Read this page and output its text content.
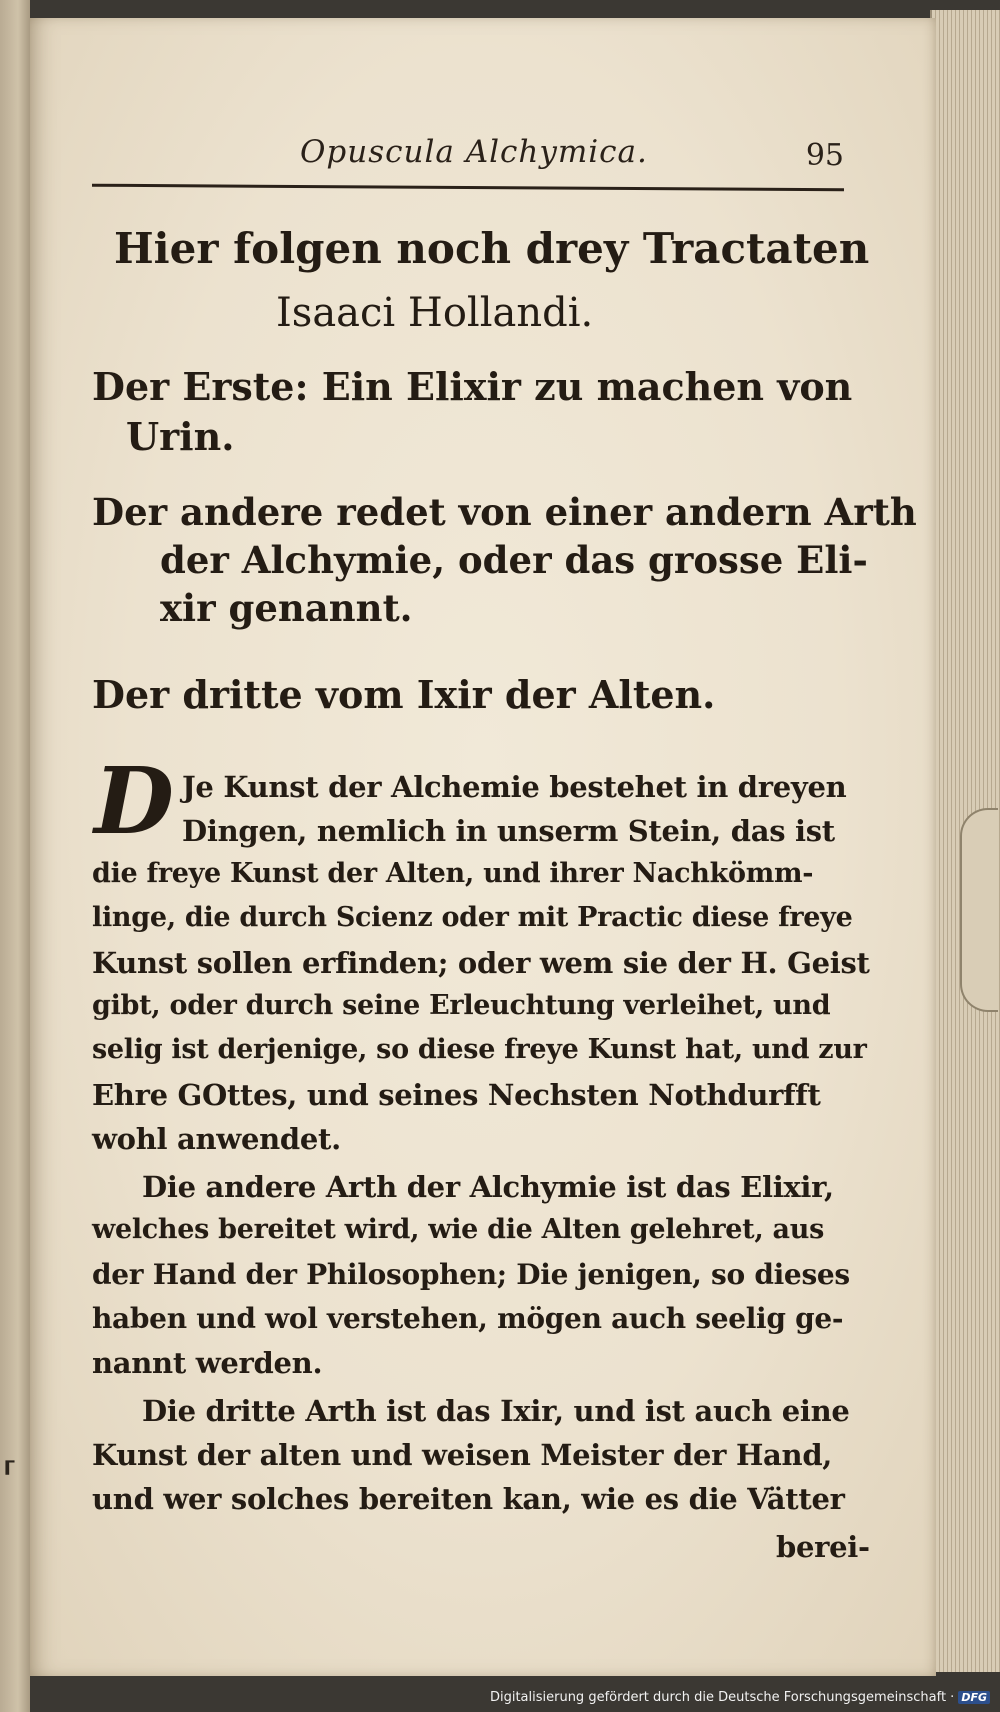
⸢
Opuscula Alchymica.	95
Hier folgen noch drey Tractaten
Isaaci Hollandi.
Der Erste: Ein Elixir zu machen von
Urin.
Der andere redet von einer andern Arth
der Alchymie, oder das grosse Eli-
xir genannt.
Der dritte vom Ixir der Alten.
D Je Kunst der Alchemie bestehet in dreyen
Dingen, nemlich in unserm Stein, das ist
die freye Kunst der Alten, und ihrer Nachkömm-
linge, die durch Scienz oder mit Practic diese freye
Kunst sollen erfinden; oder wem sie der H. Geist
gibt, oder durch seine Erleuchtung verleihet, und
selig ist derjenige, so diese freye Kunst hat, und zur
Ehre GOttes, und seines Nechsten Nothdurfft
wohl anwendet.
Die andere Arth der Alchymie ist das Elixir,
welches bereitet wird, wie die Alten gelehret, aus
der Hand der Philosophen; Die jenigen, so dieses
haben und wol verstehen, mögen auch seelig ge-
nannt werden.
Die dritte Arth ist das Ixir, und ist auch eine
Kunst der alten und weisen Meister der Hand,
und wer solches bereiten kan, wie es die Vätter
berei-
Digitalisierung gefördert durch die Deutsche Forschungsgemeinschaft · DFG
